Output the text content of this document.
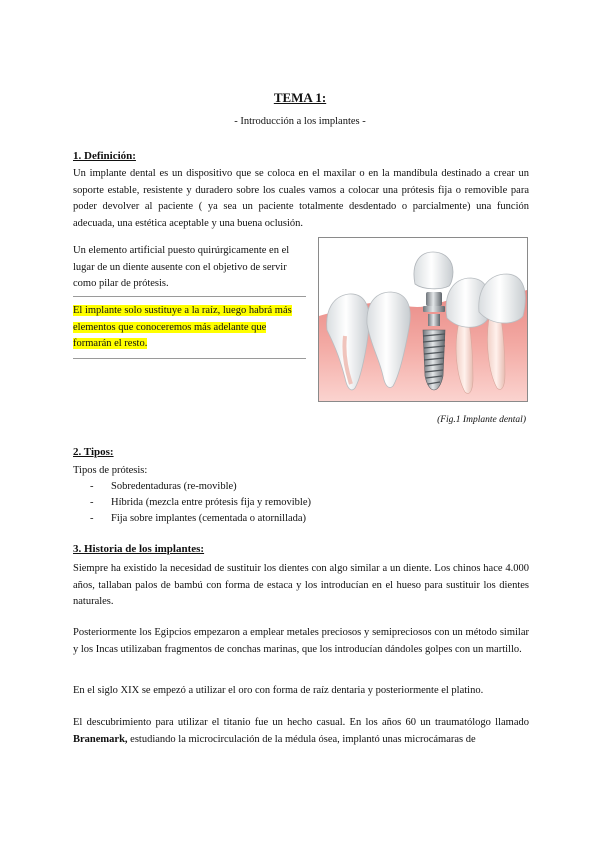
TEMA 1:
- Introducción a los implantes -
1. Definición:
Un implante dental es un dispositivo que se coloca en el maxilar o en la mandíbula destinado a crear un soporte estable, resistente y duradero sobre los cuales vamos a colocar una prótesis fija o removible para poder devolver al paciente ( ya sea un paciente totalmente desdentado o parcialmente) una función adecuada, una estética aceptable y una buena oclusión.
Un elemento artificial puesto quirúrgicamente en el lugar de un diente ausente con el objetivo de servir como pilar de prótesis.
El implante solo sustituye a la raíz, luego habrá más elementos que conoceremos más adelante que formarán el resto.
(Fig.1 Implante dental)
2. Tipos:
Tipos de prótesis:
- Sobredentaduras (re-movible)
- Híbrida (mezcla entre prótesis fija y removible)
- Fija sobre implantes (cementada o atornillada)
3. Historia de los implantes:
Siempre ha existido la necesidad de sustituir los dientes con algo similar a un diente. Los chinos hace 4.000 años, tallaban palos de bambú con forma de estaca y los introducían en el hueso para sustituir los dientes naturales.
Posteriormente los Egipcios empezaron a emplear metales preciosos y semipreciosos con un método similar y los Incas utilizaban fragmentos de conchas marinas, que los introducían dándoles golpes con un martillo.
En el siglo XIX se empezó a utilizar el oro con forma de raíz dentaria y posteriormente el platino.
El descubrimiento para utilizar el titanio fue un hecho casual. En los años 60 un traumatólogo llamado Branemark, estudiando la microcirculación de la médula ósea, implantó unas microcámaras de
